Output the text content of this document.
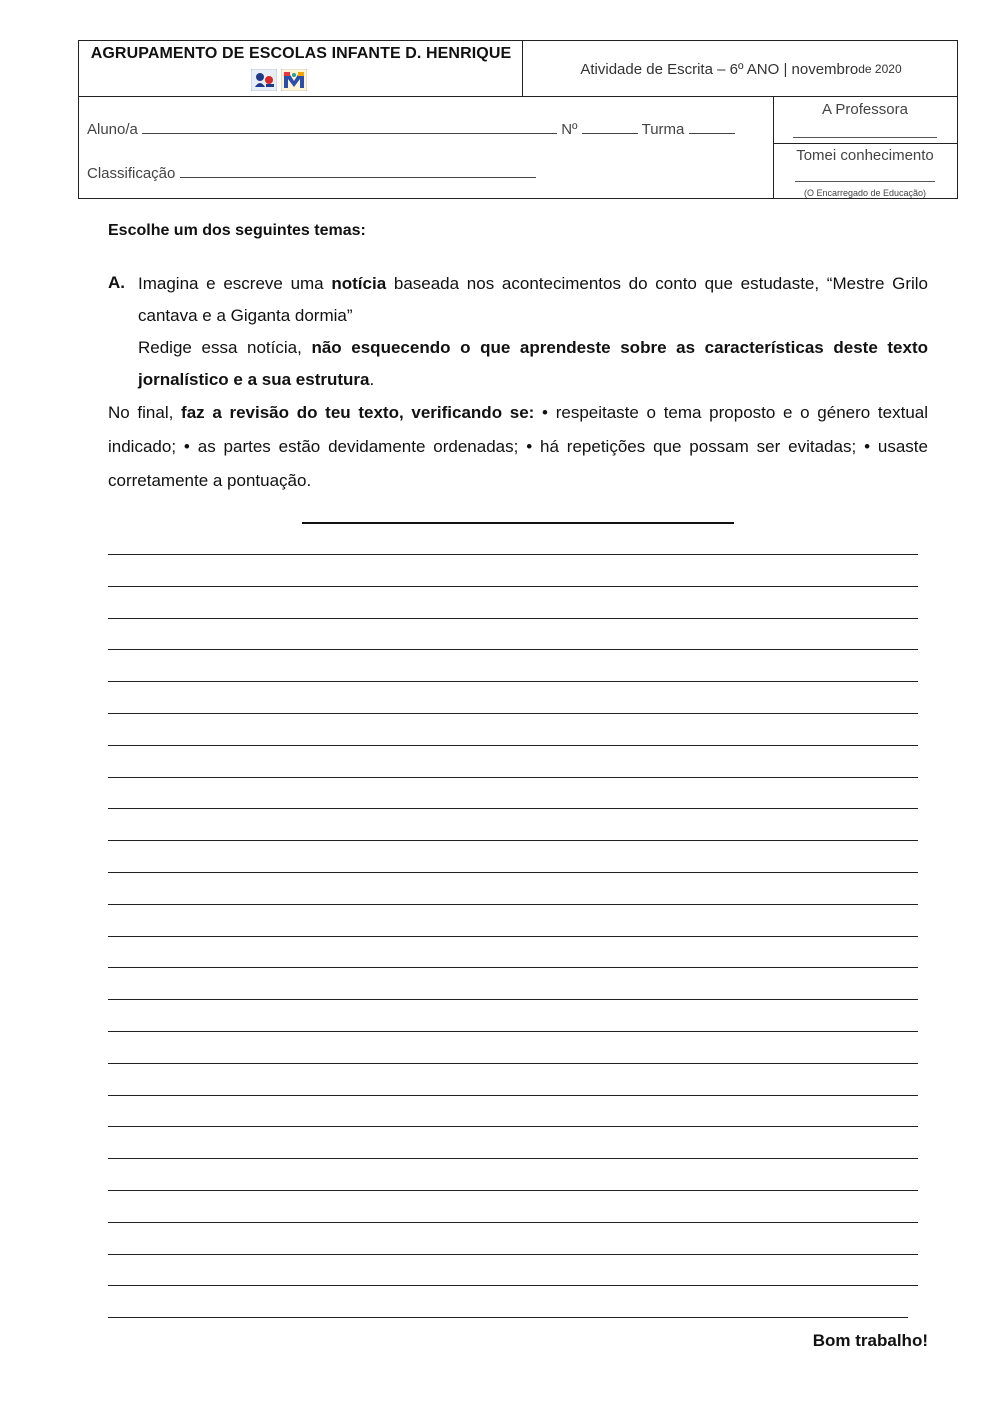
AGRUPAMENTO DE ESCOLAS INFANTE D. HENRIQUE
Atividade de Escrita – 6º ANO | novembro de 2020
Aluno/a	Nº	Turma
Classificação
A Professora
Tomei conhecimento
(O Encarregado de Educação)
Escolhe um dos seguintes temas:
A. Imagina e escreve uma notícia baseada nos acontecimentos do conto que estudaste, “Mestre Grilo cantava e a Giganta dormia”
Redige essa notícia, não esquecendo o que aprendeste sobre as características deste texto jornalístico e a sua estrutura.
No final, faz a revisão do teu texto, verificando se: • respeitaste o tema proposto e o género textual indicado; • as partes estão devidamente ordenadas; • há repetições que possam ser evitadas; • usaste corretamente a pontuação.
Bom trabalho!
